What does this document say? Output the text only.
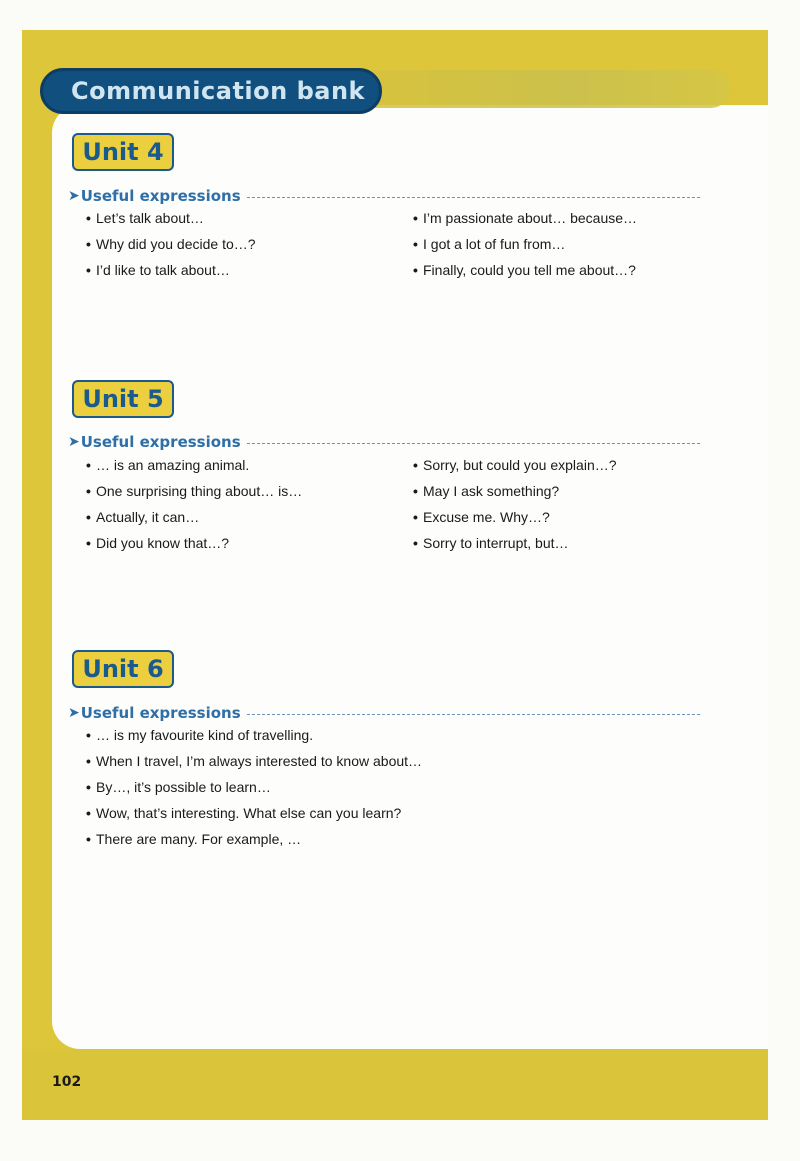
Communication bank
Unit 4
➤ Useful expressions
• Let’s talk about…
• Why did you decide to…?
• I’d like to talk about…
• I’m passionate about… because…
• I got a lot of fun from…
• Finally, could you tell me about…?
Unit 5
➤ Useful expressions
• … is an amazing animal.
• One surprising thing about… is…
• Actually, it can…
• Did you know that…?
• Sorry, but could you explain…?
• May I ask something?
• Excuse me. Why…?
• Sorry to interrupt, but…
Unit 6
➤ Useful expressions
• … is my favourite kind of travelling.
• When I travel, I’m always interested to know about…
• By…, it’s possible to learn…
• Wow, that’s interesting. What else can you learn?
• There are many. For example, …
102
